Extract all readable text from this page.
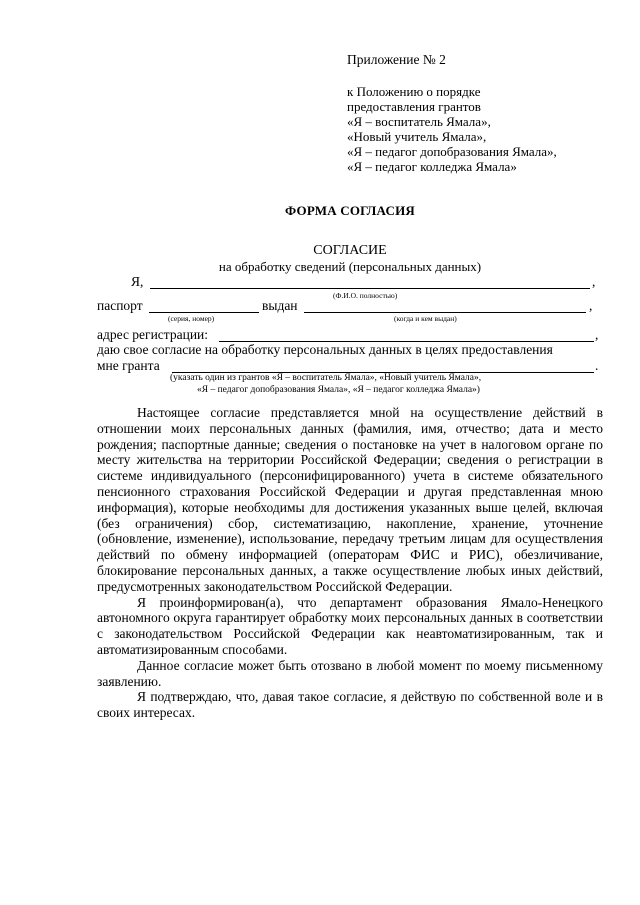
Приложение № 2
к Положению о порядке
предоставления грантов
«Я – воспитатель Ямала»,
«Новый учитель Ямала»,
«Я – педагог допобразования Ямала»,
«Я – педагог колледжа Ямала»
ФОРМА СОГЛАСИЯ
СОГЛАСИЕ
на обработку сведений (персональных данных)
Я,	,
(Ф.И.О. полностью)
паспорт	выдан	,
(серия, номер)	(когда и кем выдан)
адрес регистрации:	,
даю свое согласие на обработку персональных данных в целях предоставления
мне гранта	.
(указать один из грантов «Я – воспитатель Ямала», «Новый учитель Ямала»,
«Я – педагог допобразования Ямала», «Я – педагог колледжа Ямала»)

Настоящее согласие представляется мной на осуществление действий в отношении моих персональных данных (фамилия, имя, отчество; дата и место рождения; паспортные данные; сведения о постановке на учет в налоговом органе по месту жительства на территории Российской Федерации; сведения о регистрации в системе индивидуального (персонифицированного) учета в системе обязательного пенсионного страхования Российской Федерации и другая представленная мною информация), которые необходимы для достижения указанных выше целей, включая (без ограничения) сбор, систематизацию, накопление, хранение, уточнение (обновление, изменение), использование, передачу третьим лицам для осуществления действий по обмену информацией (операторам ФИС и РИС), обезличивание, блокирование персональных данных, а также осуществление любых иных действий, предусмотренных законодательством Российской Федерации.

Я проинформирован(а), что департамент образования Ямало-Ненецкого автономного округа гарантирует обработку моих персональных данных в соответствии с законодательством Российской Федерации как неавтоматизированным, так и автоматизированным способами.

Данное согласие может быть отозвано в любой момент по моему письменному заявлению.

Я подтверждаю, что, давая такое согласие, я действую по собственной воле и в своих интересах.
